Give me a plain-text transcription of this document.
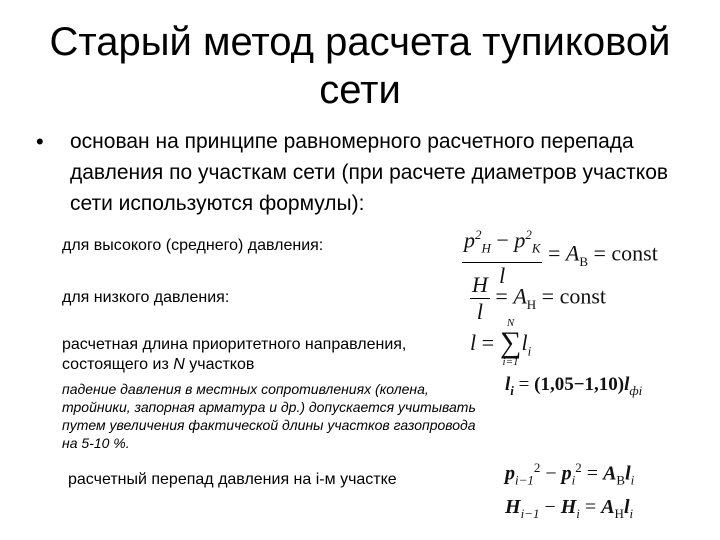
Старый метод расчета тупиковой
сети
• основан на принципе равномерного расчетного перепада давления по участкам сети (при расчете диаметров участков сети используются формулы):
для высокого (среднего) давления:	$\frac{p^2_Н - p^2_К}{l} = A_В$ = const
для низкого давления:	$\frac{H}{l} = A_Н$ = const
расчетная длина приоритетного направления,
состоящего из N участков
l =
N
∑
i=1
$l_i$
падение давления в местных сопротивлениях (колена, тройники, запорная арматура и др.) допускается учитывать путем увеличения фактической длины участков газопровода на 5-10 %.
$l_i = (1,05-1,10)l_{фi}$
расчетный перепад давления на i-м участке	$p_{i-1}^2 - p_i^2 = A_Вl_i$
$H_{i-1} - H_i = A_Нl_i$
